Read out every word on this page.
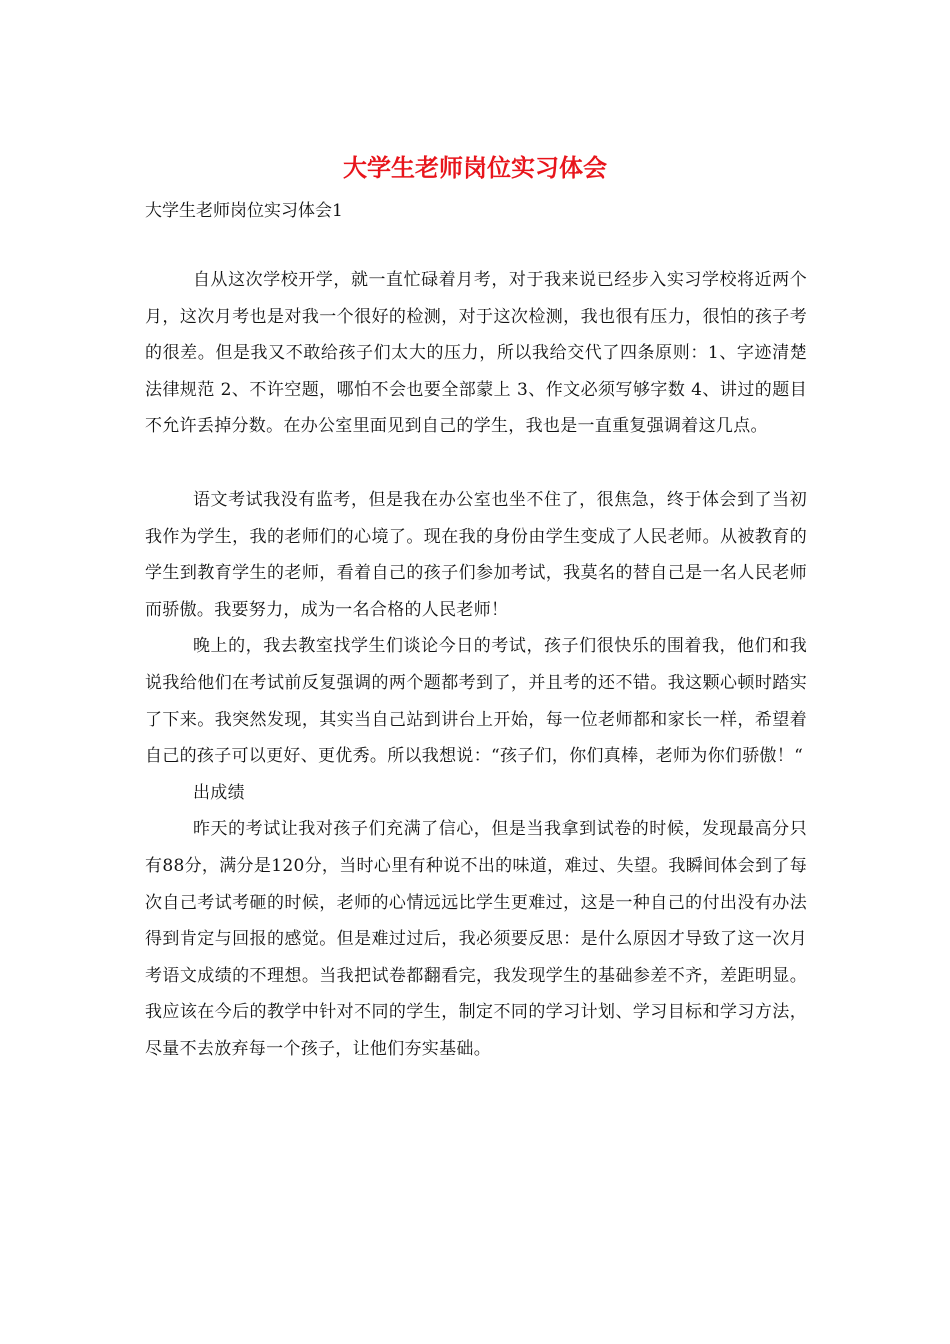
大学生老师岗位实习体会

大学生老师岗位实习体会1

自从这次学校开学，就一直忙碌着月考，对于我来说已经步入实习学校将近两个月，这次月考也是对我一个很好的检测，对于这次检测，我也很有压力，很怕的孩子考的很差。但是我又不敢给孩子们太大的压力，所以我给交代了四条原则：1、字迹清楚法律规范 2、不许空题，哪怕不会也要全部蒙上 3、作文必须写够字数 4、讲过的题目不允许丢掉分数。在办公室里面见到自己的学生，我也是一直重复强调着这几点。

语文考试我没有监考，但是我在办公室也坐不住了，很焦急，终于体会到了当初我作为学生，我的老师们的心境了。现在我的身份由学生变成了人民老师。从被教育的学生到教育学生的老师，看着自己的孩子们参加考试，我莫名的替自己是一名人民老师而骄傲。我要努力，成为一名合格的人民老师！

晚上的，我去教室找学生们谈论今日的考试，孩子们很快乐的围着我，他们和我说我给他们在考试前反复强调的两个题都考到了，并且考的还不错。我这颗心顿时踏实了下来。我突然发现，其实当自己站到讲台上开始，每一位老师都和家长一样，希望着自己的孩子可以更好、更优秀。所以我想说：“孩子们，你们真棒，老师为你们骄傲！“

出成绩

昨天的考试让我对孩子们充满了信心，但是当我拿到试卷的时候，发现最高分只有88分，满分是120分，当时心里有种说不出的味道，难过、失望。我瞬间体会到了每次自己考试考砸的时候，老师的心情远远比学生更难过，这是一种自己的付出没有办法得到肯定与回报的感觉。但是难过过后，我必须要反思：是什么原因才导致了这一次月考语文成绩的不理想。当我把试卷都翻看完，我发现学生的基础参差不齐，差距明显。我应该在今后的教学中针对不同的学生，制定不同的学习计划、学习目标和学习方法，尽量不去放弃每一个孩子，让他们夯实基础。
